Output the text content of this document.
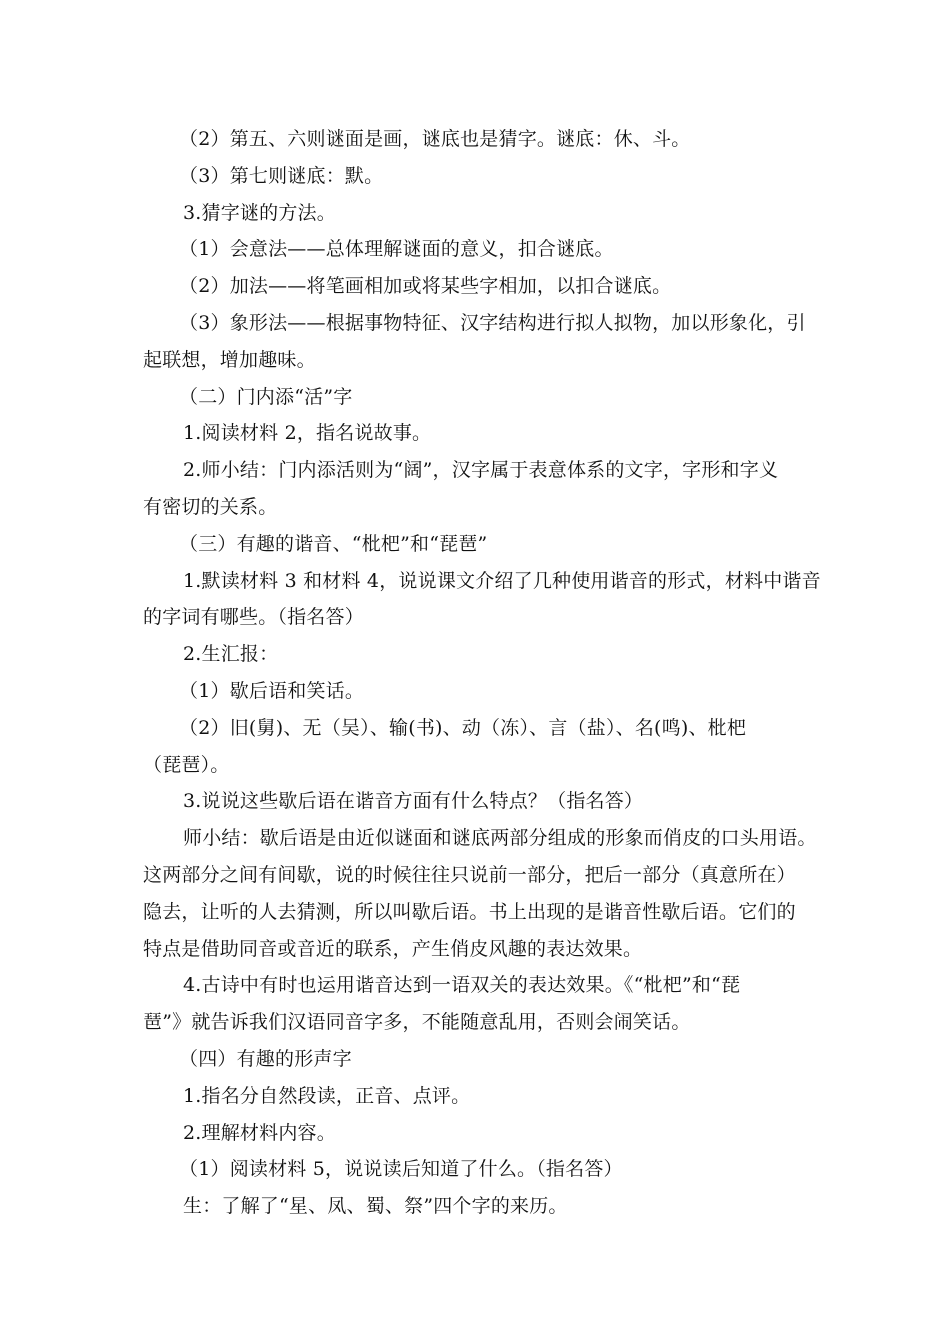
（2）第五、六则谜面是画，谜底也是猜字。谜底：休、斗。
（3）第七则谜底：默。
3.猜字谜的方法。
（1）会意法——总体理解谜面的意义，扣合谜底。
（2）加法——将笔画相加或将某些字相加，以扣合谜底。
（3）象形法——根据事物特征、汉字结构进行拟人拟物，加以形象化，引
起联想，增加趣味。
（二）门内添“活”字
1.阅读材料 2，指名说故事。
2.师小结：门内添活则为“阔”，汉字属于表意体系的文字，字形和字义
有密切的关系。
（三）有趣的谐音、“枇杷”和“琵琶”
1.默读材料 3 和材料 4，说说课文介绍了几种使用谐音的形式，材料中谐音
的字词有哪些。（指名答）
2.生汇报：
（1）歇后语和笑话。
（2）旧(舅)、无（吴）、输(书)、动（冻）、言（盐）、名(鸣)、枇杷
（琵琶）。
3.说说这些歇后语在谐音方面有什么特点？（指名答）
师小结：歇后语是由近似谜面和谜底两部分组成的形象而俏皮的口头用语。
这两部分之间有间歇，说的时候往往只说前一部分，把后一部分（真意所在）
隐去，让听的人去猜测，所以叫歇后语。书上出现的是谐音性歇后语。它们的
特点是借助同音或音近的联系，产生俏皮风趣的表达效果。
4.古诗中有时也运用谐音达到一语双关的表达效果。《“枇杷”和“琵
琶”》就告诉我们汉语同音字多，不能随意乱用，否则会闹笑话。
（四）有趣的形声字
1.指名分自然段读，正音、点评。
2.理解材料内容。
（1）阅读材料 5，说说读后知道了什么。（指名答）
生：了解了“星、凤、蜀、祭”四个字的来历。
